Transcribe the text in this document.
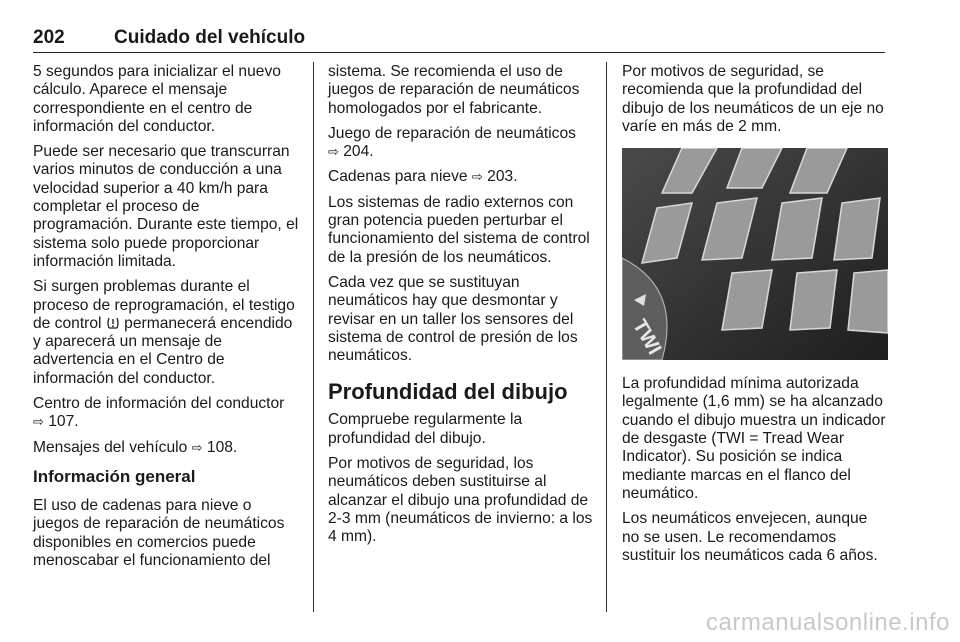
202	Cuidado del vehículo

5 segundos para inicializar el nuevo cálculo. Aparece el mensaje correspondiente en el centro de información del conductor.

Puede ser necesario que transcurran varios minutos de conducción a una velocidad superior a 40 km/h para completar el proceso de programación. Durante este tiempo, el sistema solo puede proporcionar información limitada.

Si surgen problemas durante el proceso de reprogramación, el testigo de control permanecerá encendido y aparecerá un mensaje de advertencia en el Centro de información del conductor.

Centro de información del conductor
⇨ 107.

Mensajes del vehículo ⇨ 108.

Información general

El uso de cadenas para nieve o juegos de reparación de neumáticos disponibles en comercios puede menoscabar el funcionamiento del

sistema. Se recomienda el uso de juegos de reparación de neumáticos homologados por el fabricante.

Juego de reparación de neumáticos
⇨ 204.

Cadenas para nieve ⇨ 203.

Los sistemas de radio externos con gran potencia pueden perturbar el funcionamiento del sistema de control de la presión de los neumáticos.

Cada vez que se sustituyan neumáticos hay que desmontar y revisar en un taller los sensores del sistema de control de presión de los neumáticos.

Profundidad del dibujo

Compruebe regularmente la profundidad del dibujo.

Por motivos de seguridad, los neumáticos deben sustituirse al alcanzar el dibujo una profundidad de 2-3 mm (neumáticos de invierno: a los 4 mm).

Por motivos de seguridad, se recomienda que la profundidad del dibujo de los neumáticos de un eje no varíe en más de 2 mm.

TWI

La profundidad mínima autorizada legalmente (1,6 mm) se ha alcanzado cuando el dibujo muestra un indicador de desgaste (TWI = Tread Wear Indicator). Su posición se indica mediante marcas en el flanco del neumático.

Los neumáticos envejecen, aunque no se usen. Le recomendamos sustituir los neumáticos cada 6 años.

carmanualsonline.info
